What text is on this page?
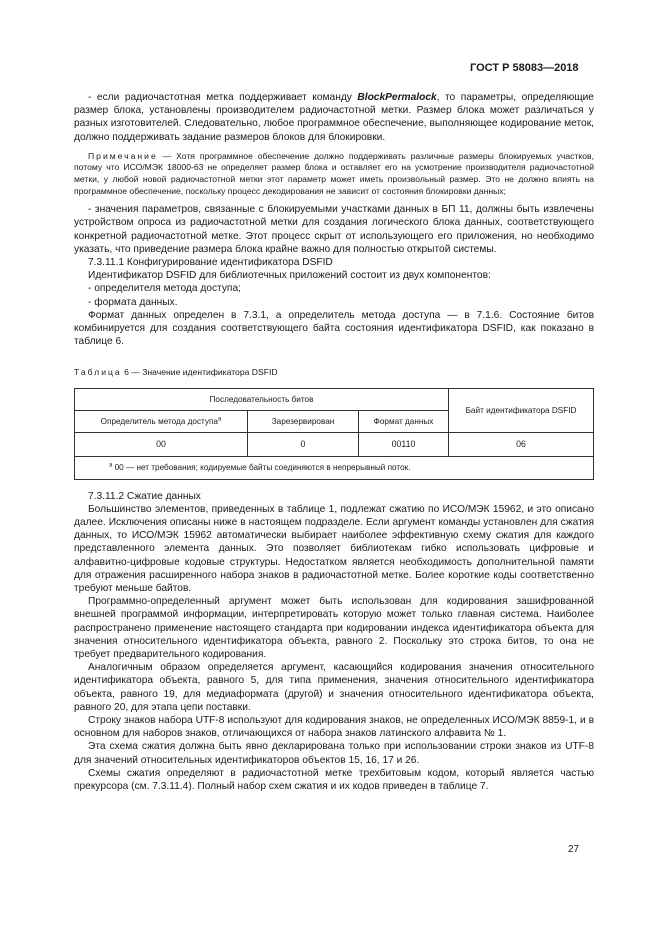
ГОСТ Р 58083—2018

- если радиочастотная метка поддерживает команду BlockPermalock, то параметры, определяющие размер блока, установлены производителем радиочастотной метки. Размер блока может различаться у разных изготовителей. Следовательно, любое программное обеспечение, выполняющее кодирование меток, должно поддерживать задание размеров блоков для блокировки.

Примечание — Хотя программное обеспечение должно поддерживать различные размеры блокируемых участков, потому что ИСО/МЭК 18000-63 не определяет размер блока и оставляет его на усмотрение производителя радиочастотной метки, у любой новой радиочастотной метки этот параметр может иметь произвольный размер. Это не должно влиять на программное обеспечение, поскольку процесс декодирования не зависит от состояния блокировки данных;

- значения параметров, связанные с блокируемыми участками данных в БП 11, должны быть извлечены устройством опроса из радиочастотной метки для создания логического блока данных, соответствующего конкретной радиочастотной метке. Этот процесс скрыт от использующего его приложения, но необходимо указать, что приведение размера блока крайне важно для полностью открытой системы.

7.3.11.1 Конфигурирование идентификатора DSFID

Идентификатор DSFID для библиотечных приложений состоит из двух компонентов:

- определителя метода доступа;

- формата данных.

Формат данных определен в 7.3.1, а определитель метода доступа — в 7.1.6. Состояние битов комбинируется для создания соответствующего байта состояния идентификатора DSFID, как показано в таблице 6.

Таблица 6 — Значение идентификатора DSFID
Последовательность битов			Байт идентификатора DSFID
Определитель метода доступа$^а$	Зарезервирован	Формат данных	
00	0	00110	06
$^а$ 00 — нет требования; кодируемые байты соединяются в непрерывный поток.			

7.3.11.2 Сжатие данных

Большинство элементов, приведенных в таблице 1, подлежат сжатию по ИСО/МЭК 15962, и это описано далее. Исключения описаны ниже в настоящем подразделе. Если аргумент команды установлен для сжатия данных, то ИСО/МЭК 15962 автоматически выбирает наиболее эффективную схему сжатия для каждого представленного элемента данных. Это позволяет библиотекам гибко использовать цифровые и алфавитно-цифровые кодовые структуры. Недостатком является необходимость дополнительной памяти для отражения расширенного набора знаков в радиочастотной метке. Более короткие коды соответственно требуют меньше байтов.

Программно-определенный аргумент может быть использован для кодирования зашифрованной внешней программой информации, интерпретировать которую может только главная система. Наиболее распространено применение настоящего стандарта при кодировании индекса идентификатора объекта для значения относительного идентификатора объекта, равного 2. Поскольку это строка битов, то она не требует предварительного кодирования.

Аналогичным образом определяется аргумент, касающийся кодирования значения относительного идентификатора объекта, равного 5, для типа применения, значения относительного идентификатора объекта, равного 19, для медиаформата (другой) и значения относительного идентификатора объекта, равного 20, для этапа цепи поставки.

Строку знаков набора UTF-8 используют для кодирования знаков, не определенных ИСО/МЭК 8859-1, и в основном для наборов знаков, отличающихся от набора знаков латинского алфавита № 1.

Эта схема сжатия должна быть явно декларирована только при использовании строки знаков из UTF-8 для значений относительных идентификаторов объектов 15, 16, 17 и 26.

Схемы сжатия определяют в радиочастотной метке трехбитовым кодом, который является частью прекурсора (см. 7.3.11.4). Полный набор схем сжатия и их кодов приведен в таблице 7.

27
